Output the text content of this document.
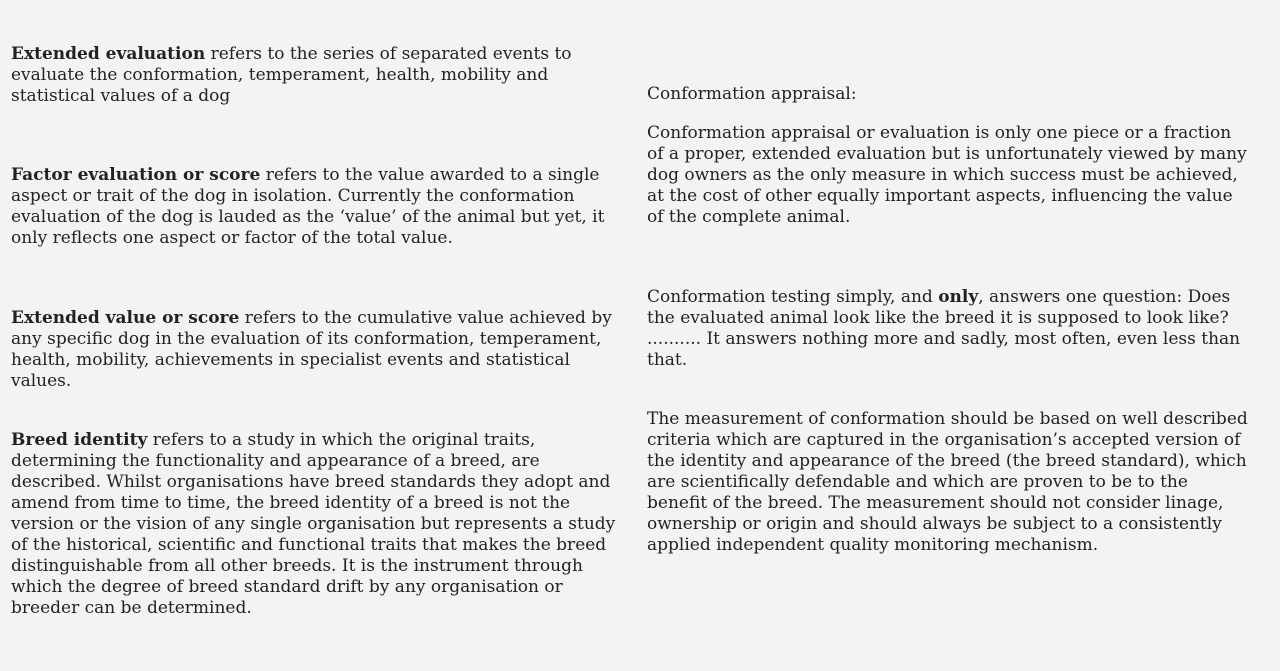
Extended evaluation refers to the series of separated events to evaluate the conformation, temperament, health, mobility and statistical values of a dog

Factor evaluation or score refers to the value awarded to a single aspect or trait of the dog in isolation. Currently the conformation evaluation of the dog is lauded as the ‘value’ of the animal but yet, it only reflects one aspect or factor of the total value.

Extended value or score refers to the cumulative value achieved by any specific dog in the evaluation of its conformation, temperament, health, mobility, achievements in specialist events and statistical values.

Breed identity refers to a study in which the original traits, determining the functionality and appearance of a breed, are described. Whilst organisations have breed standards they adopt and amend from time to time, the breed identity of a breed is not the version or the vision of any single organisation but represents a study of the historical, scientific and functional traits that makes the breed distinguishable from all other breeds. It is the instrument through which the degree of breed standard drift by any organisation or breeder can be determined.

Conformation appraisal:

Conformation appraisal or evaluation is only one piece or a fraction of a proper, extended evaluation but is unfortunately viewed by many dog owners as the only measure in which success must be achieved, at the cost of other equally important aspects, influencing the value of the complete animal.

Conformation testing simply, and only, answers one question: Does the evaluated animal look like the breed it is supposed to look like? .......... It answers nothing more and sadly, most often, even less than that.

The measurement of conformation should be based on well described criteria which are captured in the organisation’s accepted version of the identity and appearance of the breed (the breed standard), which are scientifically defendable and which are proven to be to the benefit of the breed. The measurement should not consider linage, ownership or origin and should always be subject to a consistently applied independent quality monitoring mechanism.
